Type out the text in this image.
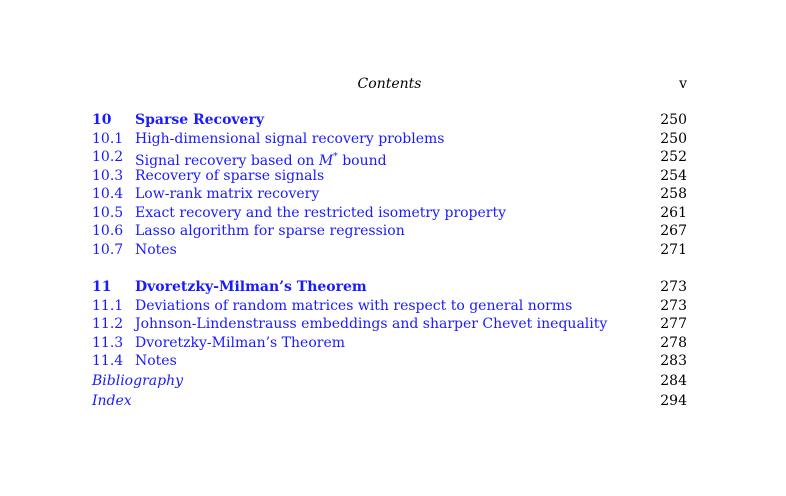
Contents	v
10 Sparse Recovery	250
10.1 High-dimensional signal recovery problems	250
10.2 Signal recovery based on M* bound	252
10.3 Recovery of sparse signals	254
10.4 Low-rank matrix recovery	258
10.5 Exact recovery and the restricted isometry property	261
10.6 Lasso algorithm for sparse regression	267
10.7 Notes	271
11 Dvoretzky-Milman’s Theorem	273
11.1 Deviations of random matrices with respect to general norms	273
11.2 Johnson-Lindenstrauss embeddings and sharper Chevet inequality	277
11.3 Dvoretzky-Milman’s Theorem	278
11.4 Notes	283
Bibliography	284
Index	294
